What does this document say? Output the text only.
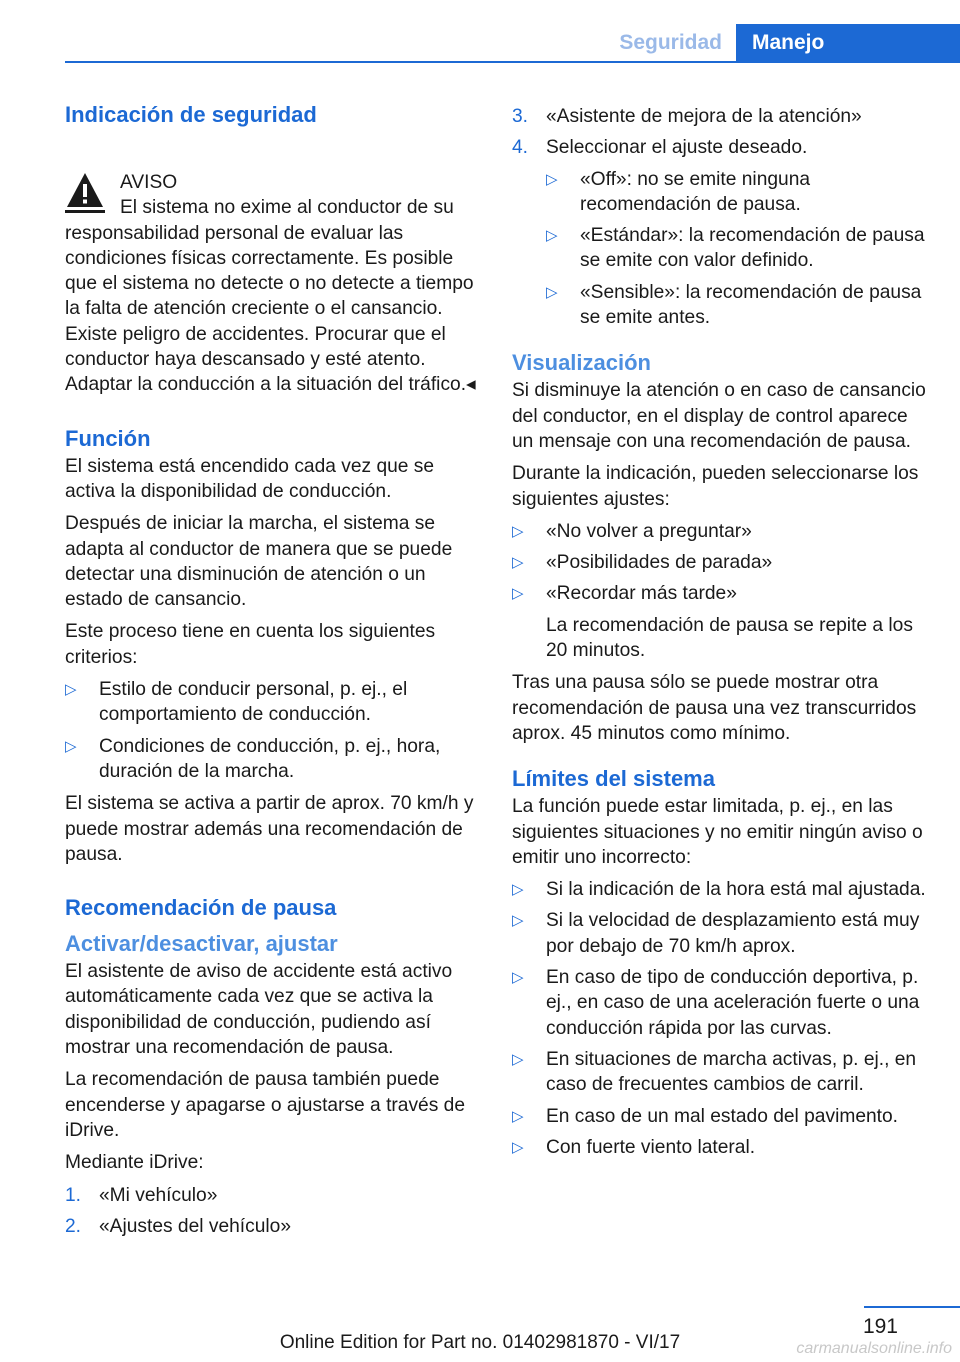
Seguridad	Manejo
Indicación de seguridad
AVISO
El sistema no exime al conductor de su

responsabilidad personal de evaluar las condiciones físicas correctamente. Es posible que el sistema no detecte o no detecte a tiempo la falta de atención creciente o el cansancio. Existe peligro de accidentes. Procurar que el conductor haya descansado y esté atento. Adaptar la conducción a la situación del tráfico.◂

Función

El sistema está encendido cada vez que se activa la disponibilidad de conducción.

Después de iniciar la marcha, el sistema se adapta al conductor de manera que se puede detectar una disminución de atención o un estado de cansancio.

Este proceso tiene en cuenta los siguientes criterios:

▷ Estilo de conducir personal, p. ej., el comportamiento de conducción.
▷ Condiciones de conducción, p. ej., hora, duración de la marcha.

El sistema se activa a partir de aprox. 70 km/h y puede mostrar además una recomendación de pausa.

Recomendación de pausa
Activar/desactivar, ajustar

El asistente de aviso de accidente está activo automáticamente cada vez que se activa la disponibilidad de conducción, pudiendo así mostrar una recomendación de pausa.

La recomendación de pausa también puede encenderse y apagarse o ajustarse a través de iDrive.

Mediante iDrive:

1. «Mi vehículo»
2. «Ajustes del vehículo»
3. «Asistente de mejora de la atención»
4. Seleccionar el ajuste deseado.
▷ «Off»: no se emite ninguna recomendación de pausa.
▷ «Estándar»: la recomendación de pausa se emite con valor definido.
▷ «Sensible»: la recomendación de pausa se emite antes.
Visualización

Si disminuye la atención o en caso de cansancio del conductor, en el display de control aparece un mensaje con una recomendación de pausa.

Durante la indicación, pueden seleccionarse los siguientes ajustes:

▷ «No volver a preguntar»
▷ «Posibilidades de parada»
▷ «Recordar más tarde»
La recomendación de pausa se repite a los 20 minutos.

Tras una pausa sólo se puede mostrar otra recomendación de pausa una vez transcurridos aprox. 45 minutos como mínimo.

Límites del sistema

La función puede estar limitada, p. ej., en las siguientes situaciones y no emitir ningún aviso o emitir uno incorrecto:

▷ Si la indicación de la hora está mal ajustada.
▷ Si la velocidad de desplazamiento está muy por debajo de 70 km/h aprox.
▷ En caso de tipo de conducción deportiva, p. ej., en caso de una aceleración fuerte o una conducción rápida por las curvas.
▷ En situaciones de marcha activas, p. ej., en caso de frecuentes cambios de carril.
▷ En caso de un mal estado del pavimento.
▷ Con fuerte viento lateral.
191
Online Edition for Part no. 01402981870 - VI/17	carmanualsonline.info
